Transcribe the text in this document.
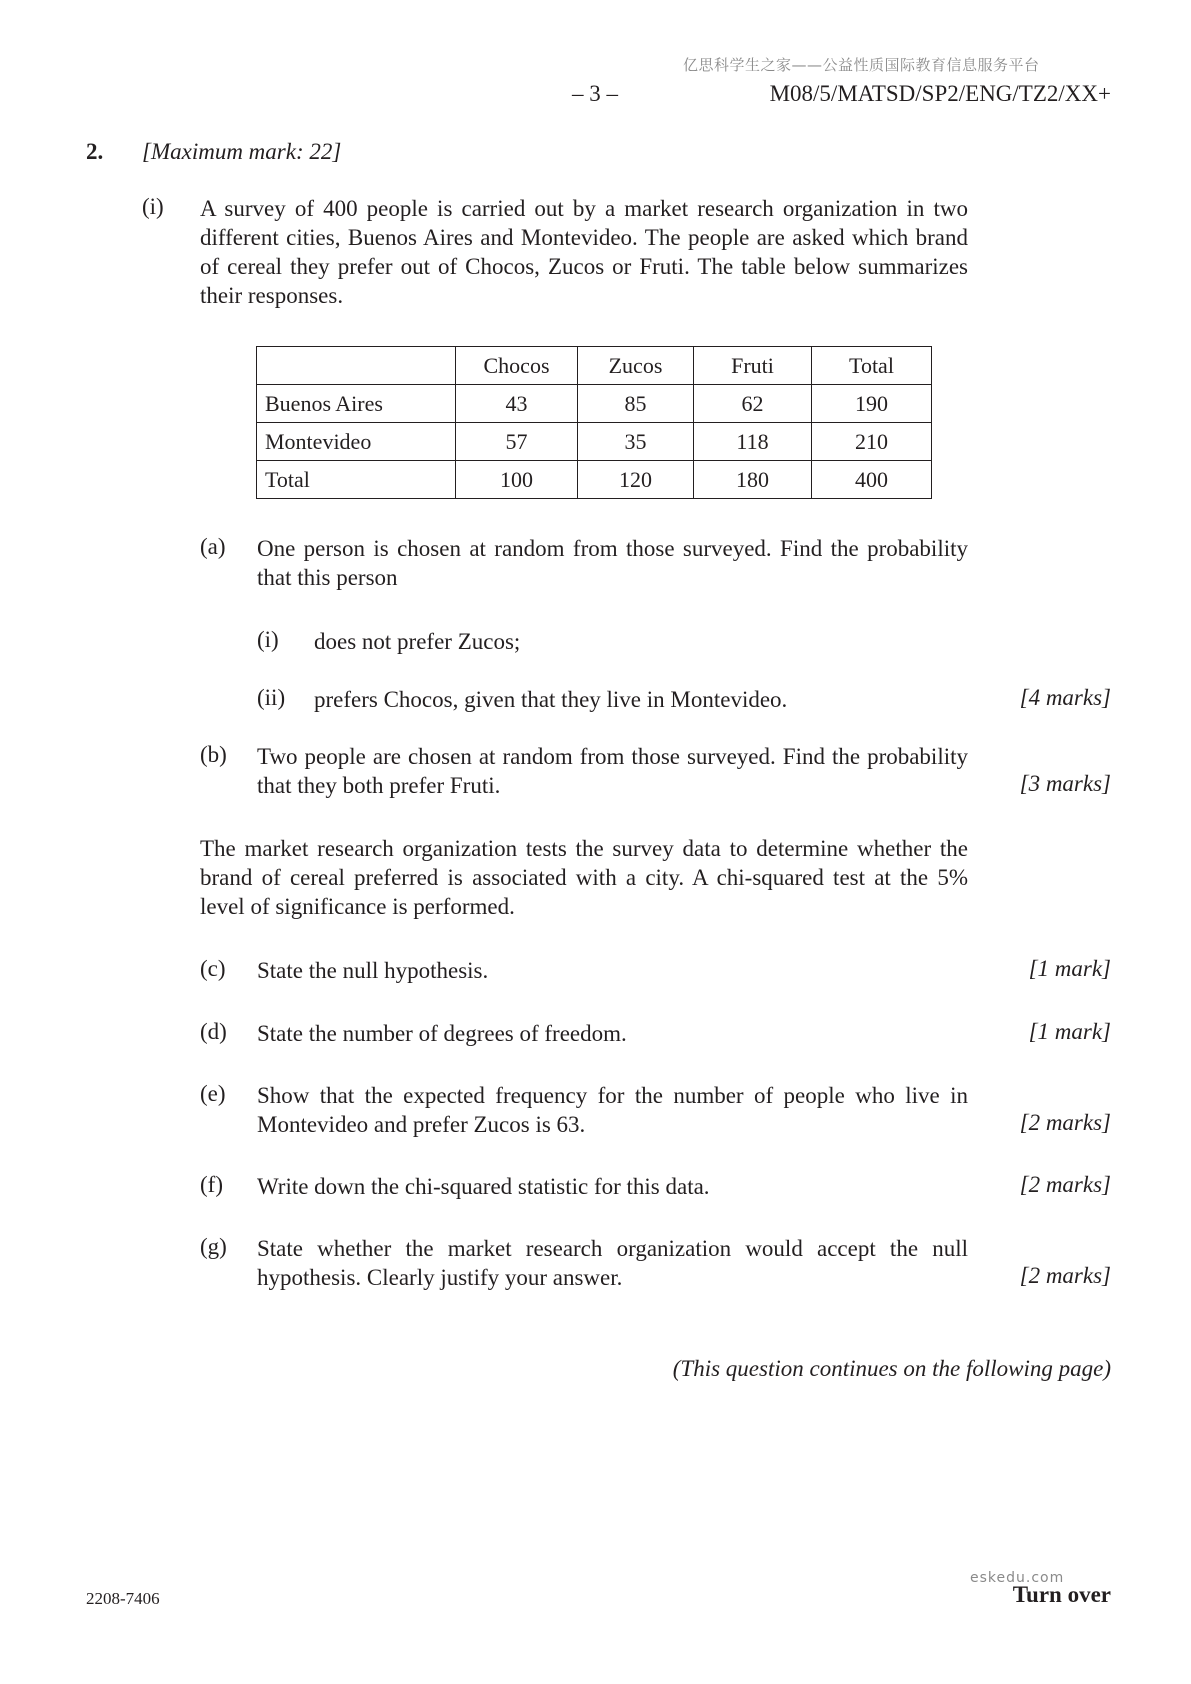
亿思科学生之家——公益性质国际教育信息服务平台
– 3 –	M08/5/MATSD/SP2/ENG/TZ2/XX+
2. [Maximum mark: 22]
(i) A survey of 400 people is carried out by a market research organization in two different cities, Buenos Aires and Montevideo. The people are asked which brand of cereal they prefer out of Chocos, Zucos or Fruti. The table below summarizes their responses.
	Chocos	Zucos	Fruti	Total
Buenos Aires	43	85	62	190
Montevideo	57	35	118	210
Total	100	120	180	400
(a) One person is chosen at random from those surveyed. Find the probability that this person
(i) does not prefer Zucos;
(ii) prefers Chocos, given that they live in Montevideo.	[4 marks]
(b) Two people are chosen at random from those surveyed. Find the probability that they both prefer Fruti.	[3 marks]
The market research organization tests the survey data to determine whether the brand of cereal preferred is associated with a city. A chi-squared test at the 5% level of significance is performed.
(c) State the null hypothesis.	[1 mark]
(d) State the number of degrees of freedom.	[1 mark]
(e) Show that the expected frequency for the number of people who live in Montevideo and prefer Zucos is 63.	[2 marks]
(f) Write down the chi-squared statistic for this data.	[2 marks]
(g) State whether the market research organization would accept the null hypothesis. Clearly justify your answer.	[2 marks]
(This question continues on the following page)
2208-7406
eskedu.com
Turn over
